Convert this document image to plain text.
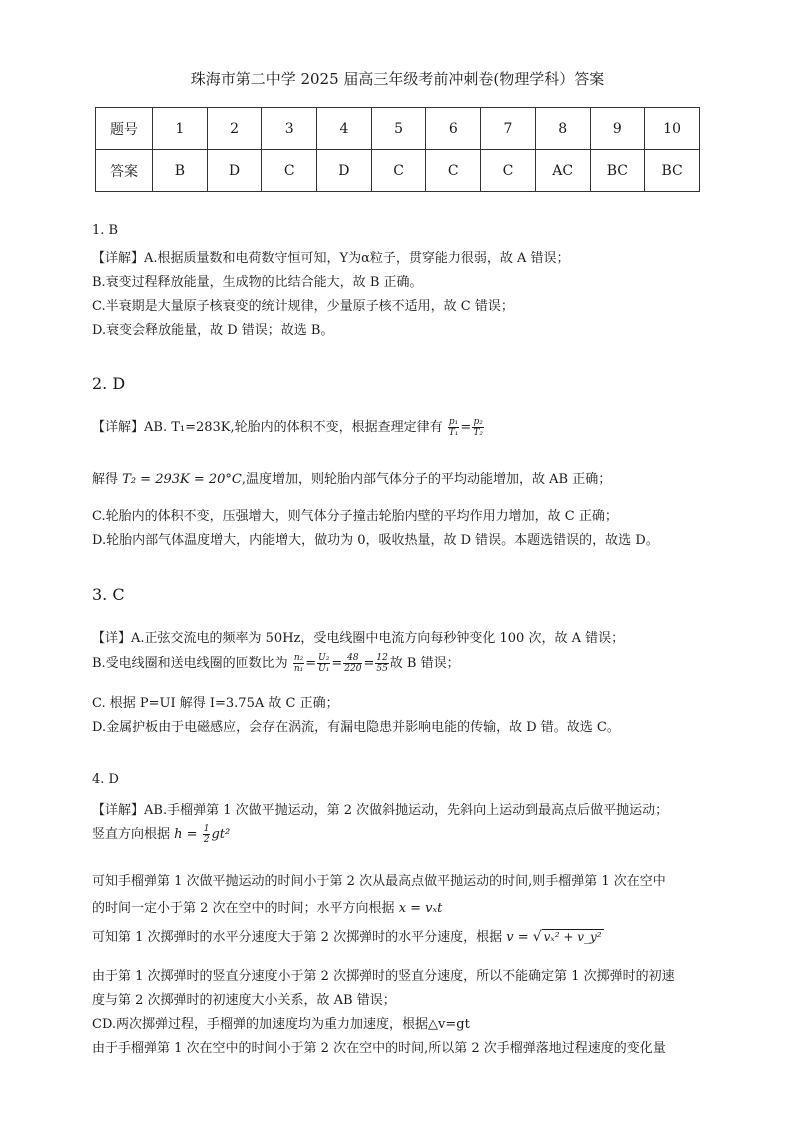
珠海市第二中学 2025 届高三年级考前冲刺卷(物理学科）答案
题号	1	2	3	4	5	6	7	8	9	10
答案	B	D	C	D	C	C	C	AC	BC	BC
1. B
【详解】A.根据质量数和电荷数守恒可知，Y为α粒子，贯穿能力很弱，故 A 错误；
B.衰变过程释放能量，生成物的比结合能大，故 B 正确。
C.半衰期是大量原子核衰变的统计规律，少量原子核不适用，故 C 错误；
D.衰变会释放能量，故 D 错误；故选 B。
2. D
【详解】AB. T₁=283K,轮胎内的体积不变，根据查理定律有 $\frac{\text{p₁}}{\text{T₁}} = \frac{\text{p₂}}{\text{T₂}}$
解得 T₂ = 293K = 20°C,温度增加，则轮胎内部气体分子的平均动能增加，故 AB 正确；
C.轮胎内的体积不变，压强增大，则气体分子撞击轮胎内壁的平均作用力增加，故 C 正确；
D.轮胎内部气体温度增大，内能增大，做功为 0，吸收热量，故 D 错误。本题选错误的，故选 D。
3. C
【详】A.正弦交流电的频率为 50Hz，受电线圈中电流方向每秒钟变化 100 次，故 A 错误；
B.受电线圈和送电线圈的匝数比为 $\frac{\text{n₂}}{\text{n₁}} = \frac{\text{U₂}}{\text{U₁}} = \frac{48}{220} = \frac{12}{55}$ 故 B 错误；
C. 根据 P=UI 解得 I=3.75A 故 C 正确；
D.金属护板由于电磁感应，会存在涡流，有漏电隐患并影响电能的传输，故 D 错。故选 C。
4. D
【详解】AB.手榴弹第 1 次做平抛运动，第 2 次做斜抛运动，先斜向上运动到最高点后做平抛运动；
竖直方向根据 $h = \frac{1}{2} gt^2$
可知手榴弹第 1 次做平抛运动的时间小于第 2 次从最高点做平抛运动的时间,则手榴弹第 1 次在空中
的时间一定小于第 2 次在空中的时间；水平方向根据 x = vₓt
可知第 1 次掷弹时的水平分速度大于第 2 次掷弹时的水平分速度，根据 v = √ vₓ² + v_y²
由于第 1 次掷弹时的竖直分速度小于第 2 次掷弹时的竖直分速度，所以不能确定第 1 次掷弹时的初速
度与第 2 次掷弹时的初速度大小关系，故 AB 错误；
CD.两次掷弹过程，手榴弹的加速度均为重力加速度，根据△v=gt
由于手榴弹第 1 次在空中的时间小于第 2 次在空中的时间,所以第 2 次手榴弹落地过程速度的变化量
